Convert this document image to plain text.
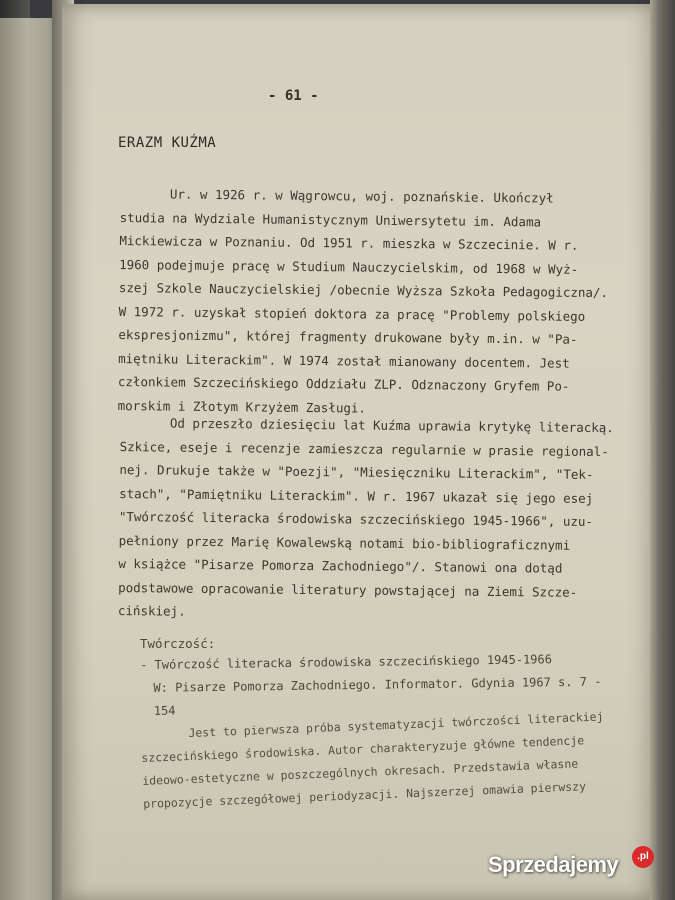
- 61 -
ERAZM KUŹMA

Ur. w 1926 r. w Wągrowcu, woj. poznańskie. Ukończył
studia na Wydziale Humanistycznym Uniwersytetu im. Adama
Mickiewicza w Poznaniu. Od 1951 r. mieszka w Szczecinie. W r.
1960 podejmuje pracę w Studium Nauczycielskim, od 1968 w Wyż-
szej Szkole Nauczycielskiej /obecnie Wyższa Szkoła Pedagogiczna/.
W 1972 r. uzyskał stopień doktora za pracę "Problemy polskiego
ekspresjonizmu", której fragmenty drukowane były m.in. w "Pa-
miętniku Literackim". W 1974 został mianowany docentem. Jest
członkiem Szczecińskiego Oddziału ZLP. Odznaczony Gryfem Po-
morskim i Złotym Krzyżem Zasługi.

Od przeszło dziesięciu lat Kuźma uprawia krytykę literacką.
Szkice, eseje i recenzje zamieszcza regularnie w prasie regional-
nej. Drukuje także w "Poezji", "Miesięczniku Literackim", "Tek-
stach", "Pamiętniku Literackim". W r. 1967 ukazał się jego esej
"Twórczość literacka środowiska szczecińskiego 1945-1966", uzu-
pełniony przez Marię Kowalewską notami bio-bibliograficznymi
w książce "Pisarze Pomorza Zachodniego"/. Stanowi ona dotąd
podstawowe opracowanie literatury powstającej na Ziemi Szcze-
cińskiej.

Twórczość:

- Twórczość literacka środowiska szczecińskiego 1945-1966
W: Pisarze Pomorza Zachodniego. Informator. Gdynia 1967 s. 7 -
154	Jest to pierwsza próba systematyzacji twórczości literackiej
szczecińskiego środowiska. Autor charakteryzuje główne tendencje
ideowo-estetyczne w poszczególnych okresach. Przedstawia własne
propozycje szczegółowej periodyzacji. Najszerzej omawia pierwszy

Sprzedajemy	.pl
